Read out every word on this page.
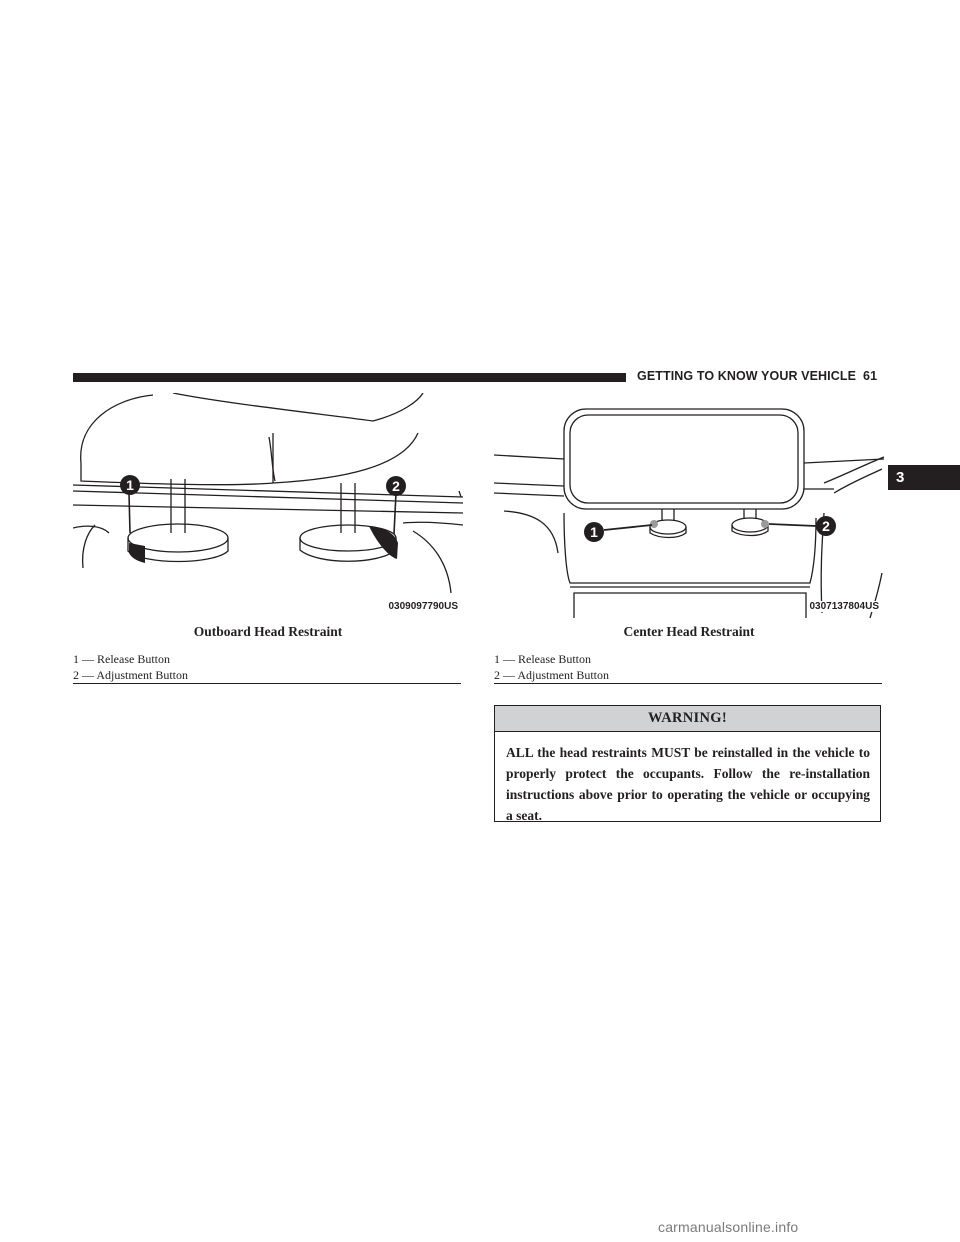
GETTING TO KNOW YOUR VEHICLE 61
3
1	2
0309097790US
1	2
0307137804US
Outboard Head Restraint	Center Head Restraint
1 — Release Button
2 — Adjustment Button
1 — Release Button
2 — Adjustment Button
WARNING!
ALL the head restraints MUST be reinstalled in the vehicle to properly protect the occupants. Follow the re-installation instructions above prior to operating the vehicle or occupying a seat.
carmanualsonline.info
